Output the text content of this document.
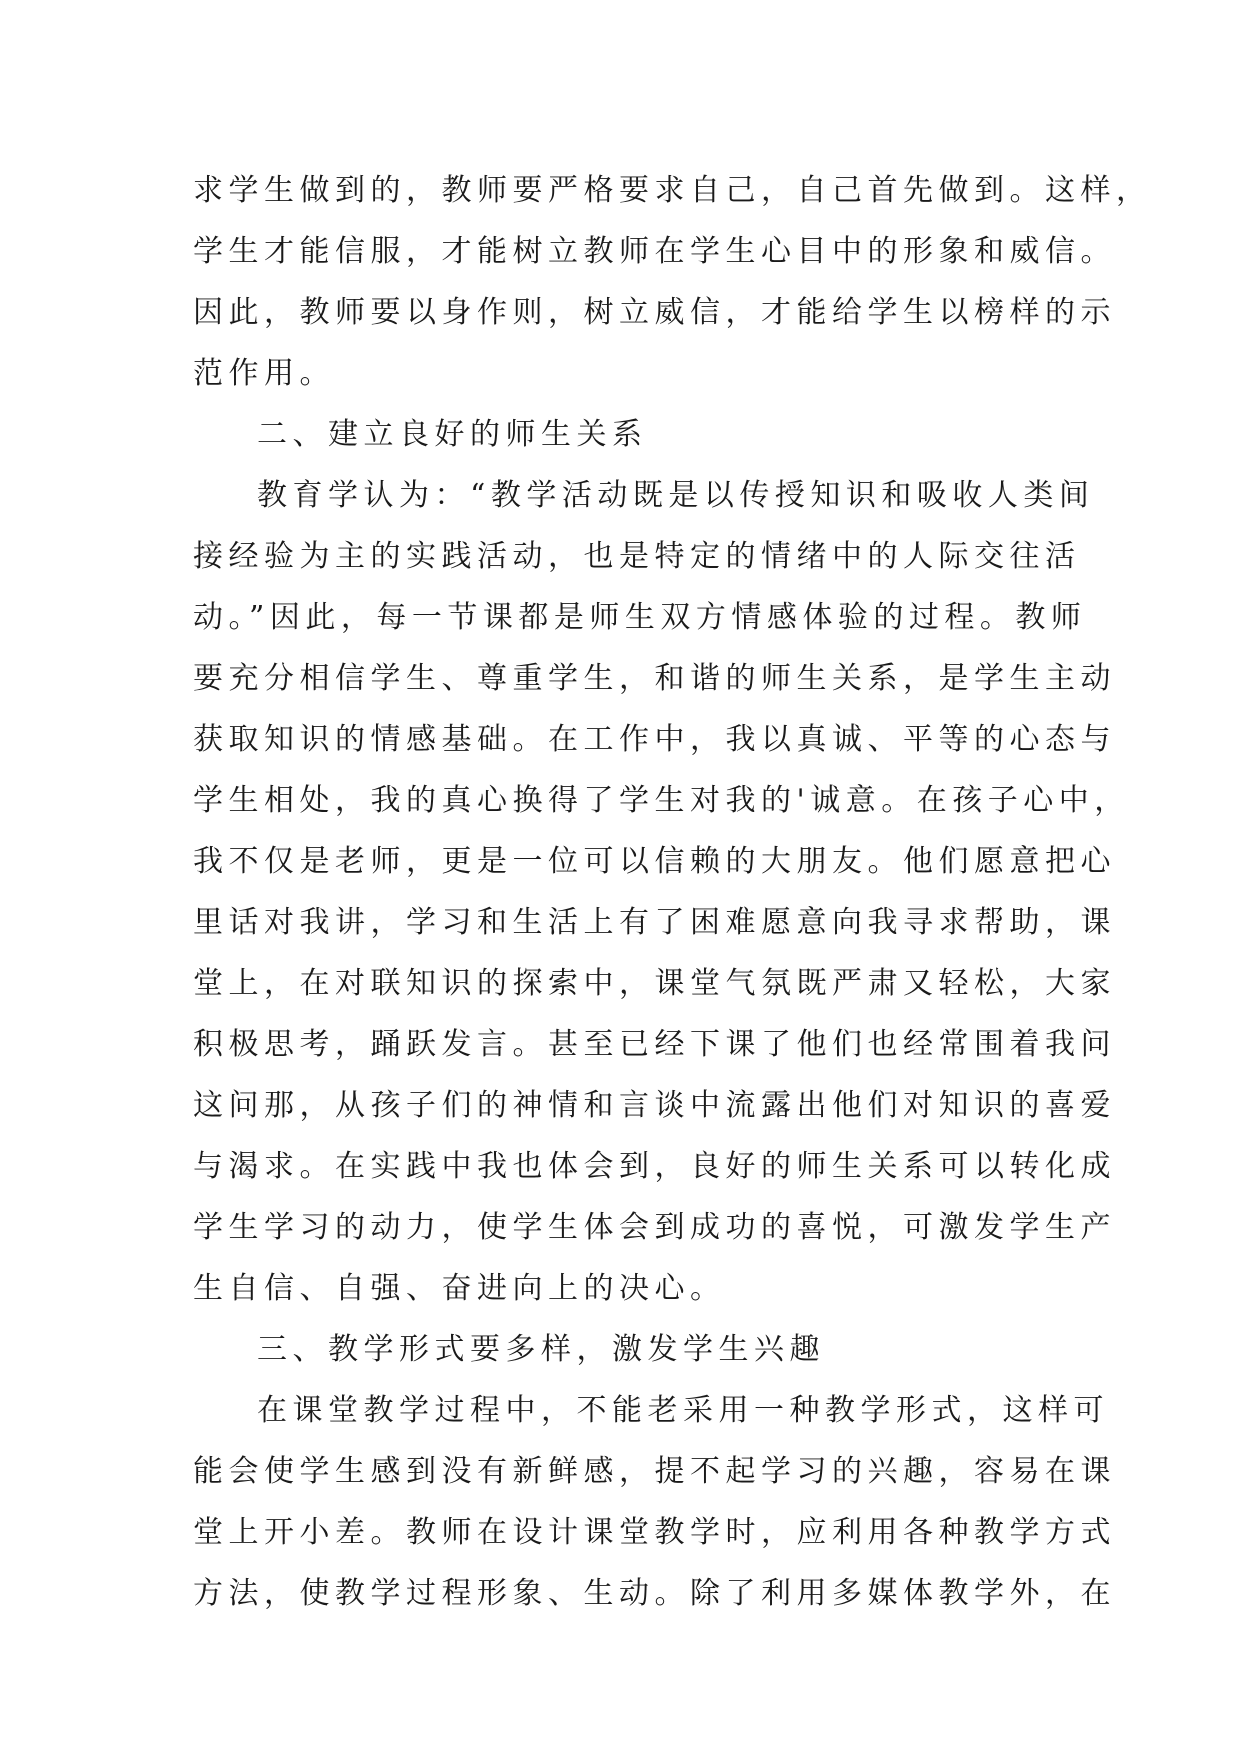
求学生做到的，教师要严格要求自己，自己首先做到。这样，
学生才能信服，才能树立教师在学生心目中的形象和威信。
因此，教师要以身作则，树立威信，才能给学生以榜样的示
范作用。
二、建立良好的师生关系
教育学认为：“教学活动既是以传授知识和吸收人类间
接经验为主的实践活动，也是特定的情绪中的人际交往活
动。”因此，每一节课都是师生双方情感体验的过程。教师
要充分相信学生、尊重学生，和谐的师生关系，是学生主动
获取知识的情感基础。在工作中，我以真诚、平等的心态与
学生相处，我的真心换得了学生对我的'诚意。在孩子心中，
我不仅是老师，更是一位可以信赖的大朋友。他们愿意把心
里话对我讲，学习和生活上有了困难愿意向我寻求帮助，课
堂上，在对联知识的探索中，课堂气氛既严肃又轻松，大家
积极思考，踊跃发言。甚至已经下课了他们也经常围着我问
这问那，从孩子们的神情和言谈中流露出他们对知识的喜爱
与渴求。在实践中我也体会到，良好的师生关系可以转化成
学生学习的动力，使学生体会到成功的喜悦，可激发学生产
生自信、自强、奋进向上的决心。
三、教学形式要多样，激发学生兴趣
在课堂教学过程中，不能老采用一种教学形式，这样可
能会使学生感到没有新鲜感，提不起学习的兴趣，容易在课
堂上开小差。教师在设计课堂教学时，应利用各种教学方式
方法，使教学过程形象、生动。除了利用多媒体教学外，在
